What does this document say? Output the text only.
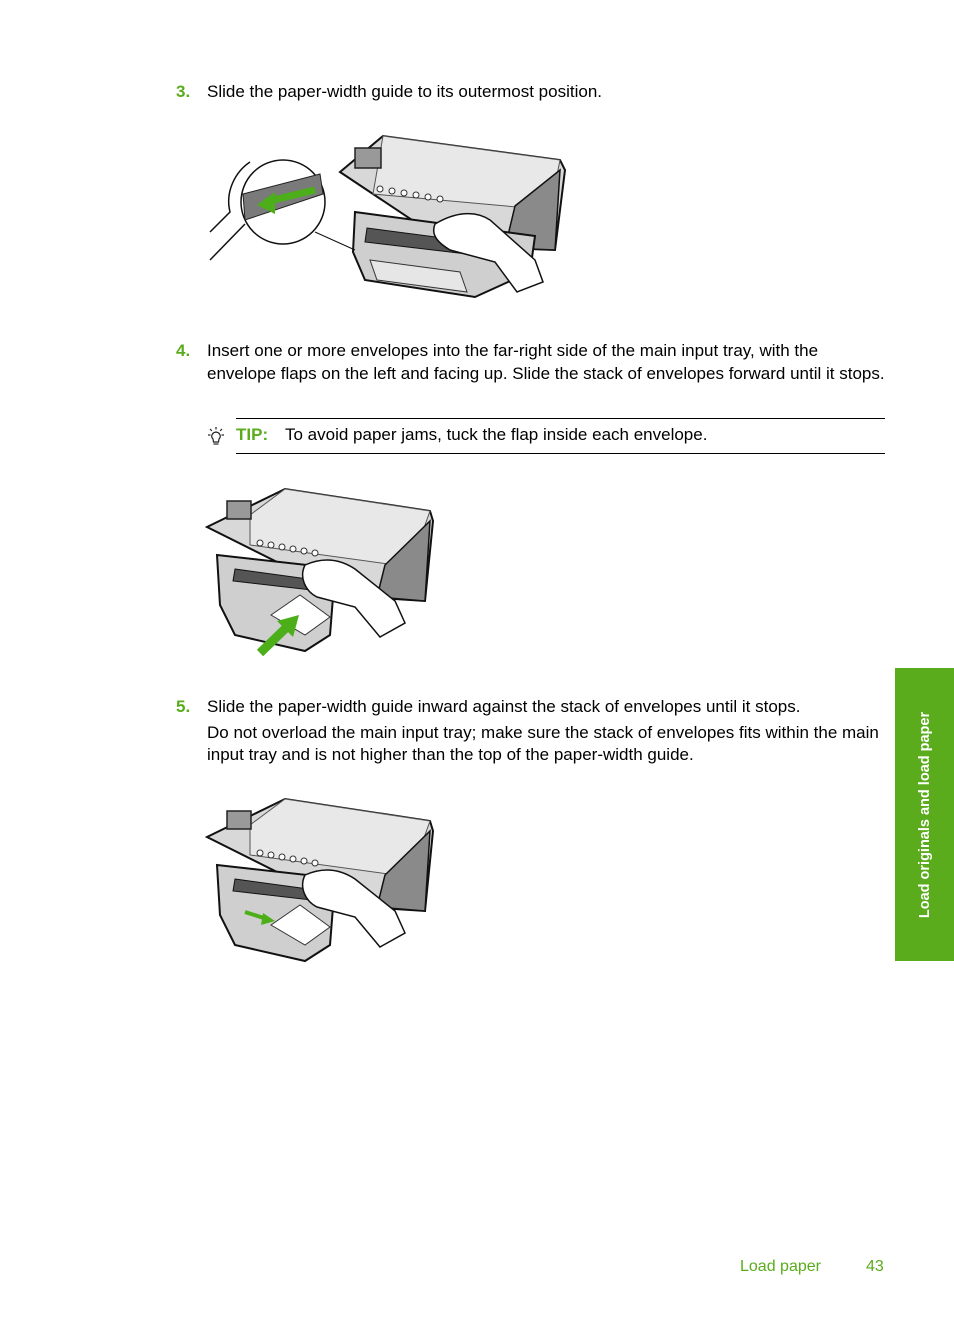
3. Slide the paper-width guide to its outermost position.

4. Insert one or more envelopes into the far-right side of the main input tray, with the envelope flaps on the left and facing up. Slide the stack of envelopes forward until it stops.

TIP: To avoid paper jams, tuck the flap inside each envelope.
5. Slide the paper-width guide inward against the stack of envelopes until it stops.

Do not overload the main input tray; make sure the stack of envelopes fits within the main input tray and is not higher than the top of the paper-width guide.	Load originals and load paper
Load paper	43
